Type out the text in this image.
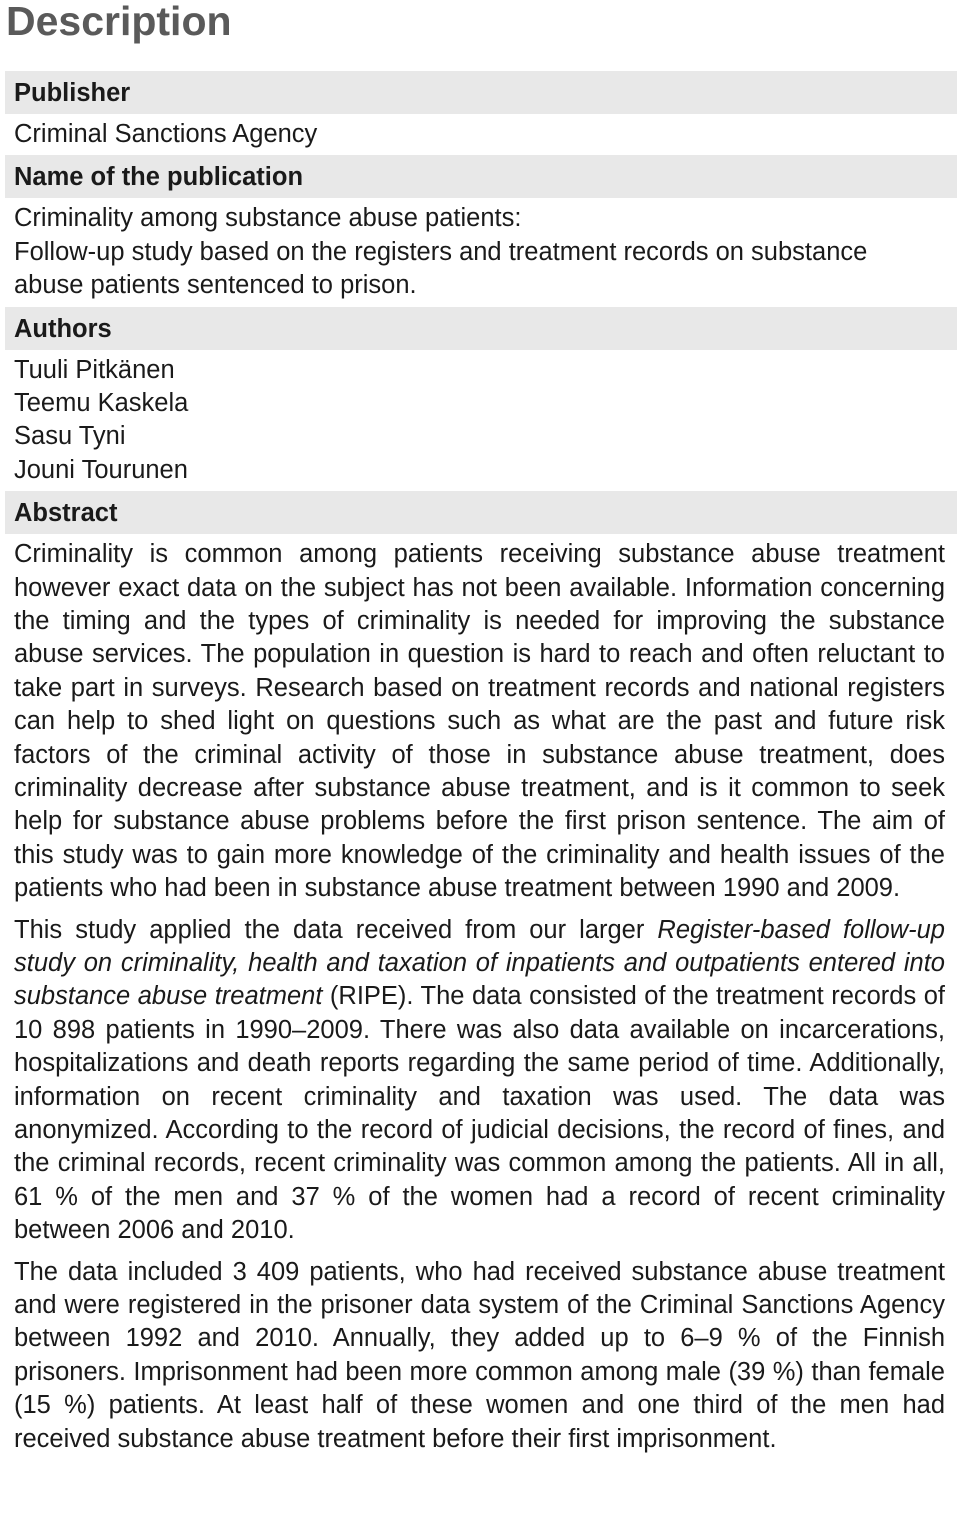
Description
Publisher
Criminal Sanctions Agency
Name of the publication
Criminality among substance abuse patients:
Follow-up study based on the registers and treatment records on substance
abuse patients sentenced to prison.
Authors
Tuuli Pitkänen
Teemu Kaskela
Sasu Tyni
Jouni Tourunen
Abstract
Criminality is common among patients receiving substance abuse treatment however exact data on the subject has not been available. Information concerning the timing and the types of criminality is needed for improving the substance abuse services. The population in question is hard to reach and often reluctant to take part in surveys. Research based on treatment records and national registers can help to shed light on questions such as what are the past and future risk factors of the criminal activity of those in substance abuse treatment, does criminality decrease after substance abuse treatment, and is it common to seek help for substance abuse problems before the first prison sentence. The aim of this study was to gain more knowledge of the criminality and health issues of the patients who had been in substance abuse treatment between 1990 and 2009.
This study applied the data received from our larger Register-based follow-up study on criminality, health and taxation of inpatients and outpatients entered into substance abuse treatment (RIPE). The data consisted of the treatment records of 10 898 patients in 1990–2009. There was also data available on incarcerations, hospitalizations and death reports regarding the same period of time. Additionally, information on recent criminality and taxation was used. The data was anonymized. According to the record of judicial decisions, the record of fines, and the criminal records, recent criminality was common among the patients. All in all, 61 % of the men and 37 % of the women had a record of recent criminality between 2006 and 2010.
The data included 3 409 patients, who had received substance abuse treatment and were registered in the prisoner data system of the Criminal Sanctions Agency between 1992 and 2010. Annually, they added up to 6–9 % of the Finnish prisoners. Imprisonment had been more common among male (39 %) than female (15 %) patients. At least half of these women and one third of the men had received substance abuse treatment before their first imprisonment.
